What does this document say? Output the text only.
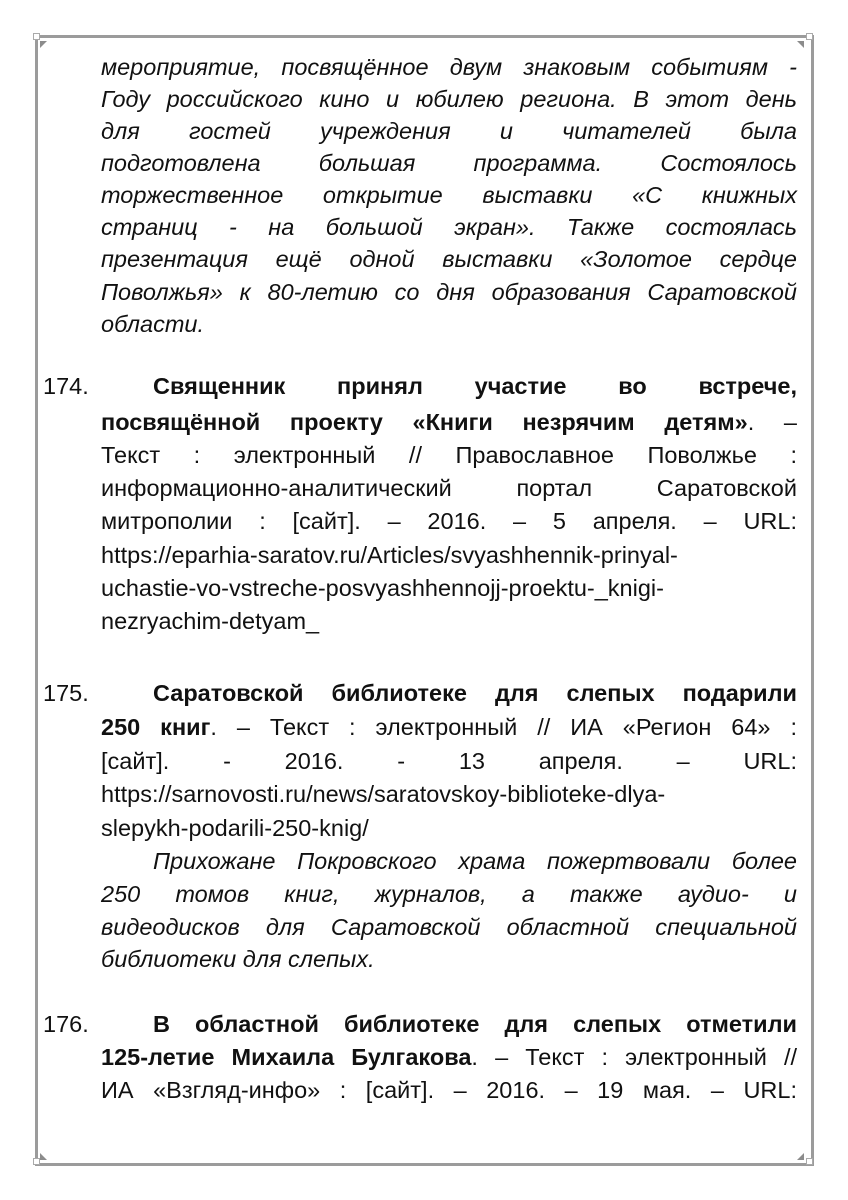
мероприятие, посвящённое двум знаковым событиям -
Году российского кино и юбилею региона. В этот день
для гостей учреждения и читателей была
подготовлена большая программа. Состоялось
торжественное открытие выставки «С книжных
страниц - на большой экран». Также состоялась
презентация ещё одной выставки «Золотое сердце
Поволжья» к 80-летию со дня образования Саратовской
области.
174.	Священник принял участие во встрече,
посвящённой проекту «Книги незрячим детям». –
Текст : электронный // Православное Поволжье :
информационно-аналитический портал Саратовской
митрополии : [сайт]. – 2016. – 5 апреля. – URL:
https://eparhia-saratov.ru/Articles/svyashhennik-prinyal-
uchastie-vo-vstreche-posvyashhennojj-proektu-_knigi-
nezryachim-detyam_
175.	Саратовской библиотеке для слепых подарили
250 книг. – Текст : электронный // ИА «Регион 64» :
[сайт]. - 2016. - 13 апреля. – URL:
https://sarnovosti.ru/news/saratovskoy-biblioteke-dlya-
slepykh-podarili-250-knig/
Прихожане Покровского храма пожертвовали более
250 томов книг, журналов, а также аудио- и
видеодисков для Саратовской областной специальной
библиотеки для слепых.
176.	В областной библиотеке для слепых отметили
125-летие Михаила Булгакова. – Текст : электронный //
ИА «Взгляд-инфо» : [сайт]. – 2016. – 19 мая. – URL:
